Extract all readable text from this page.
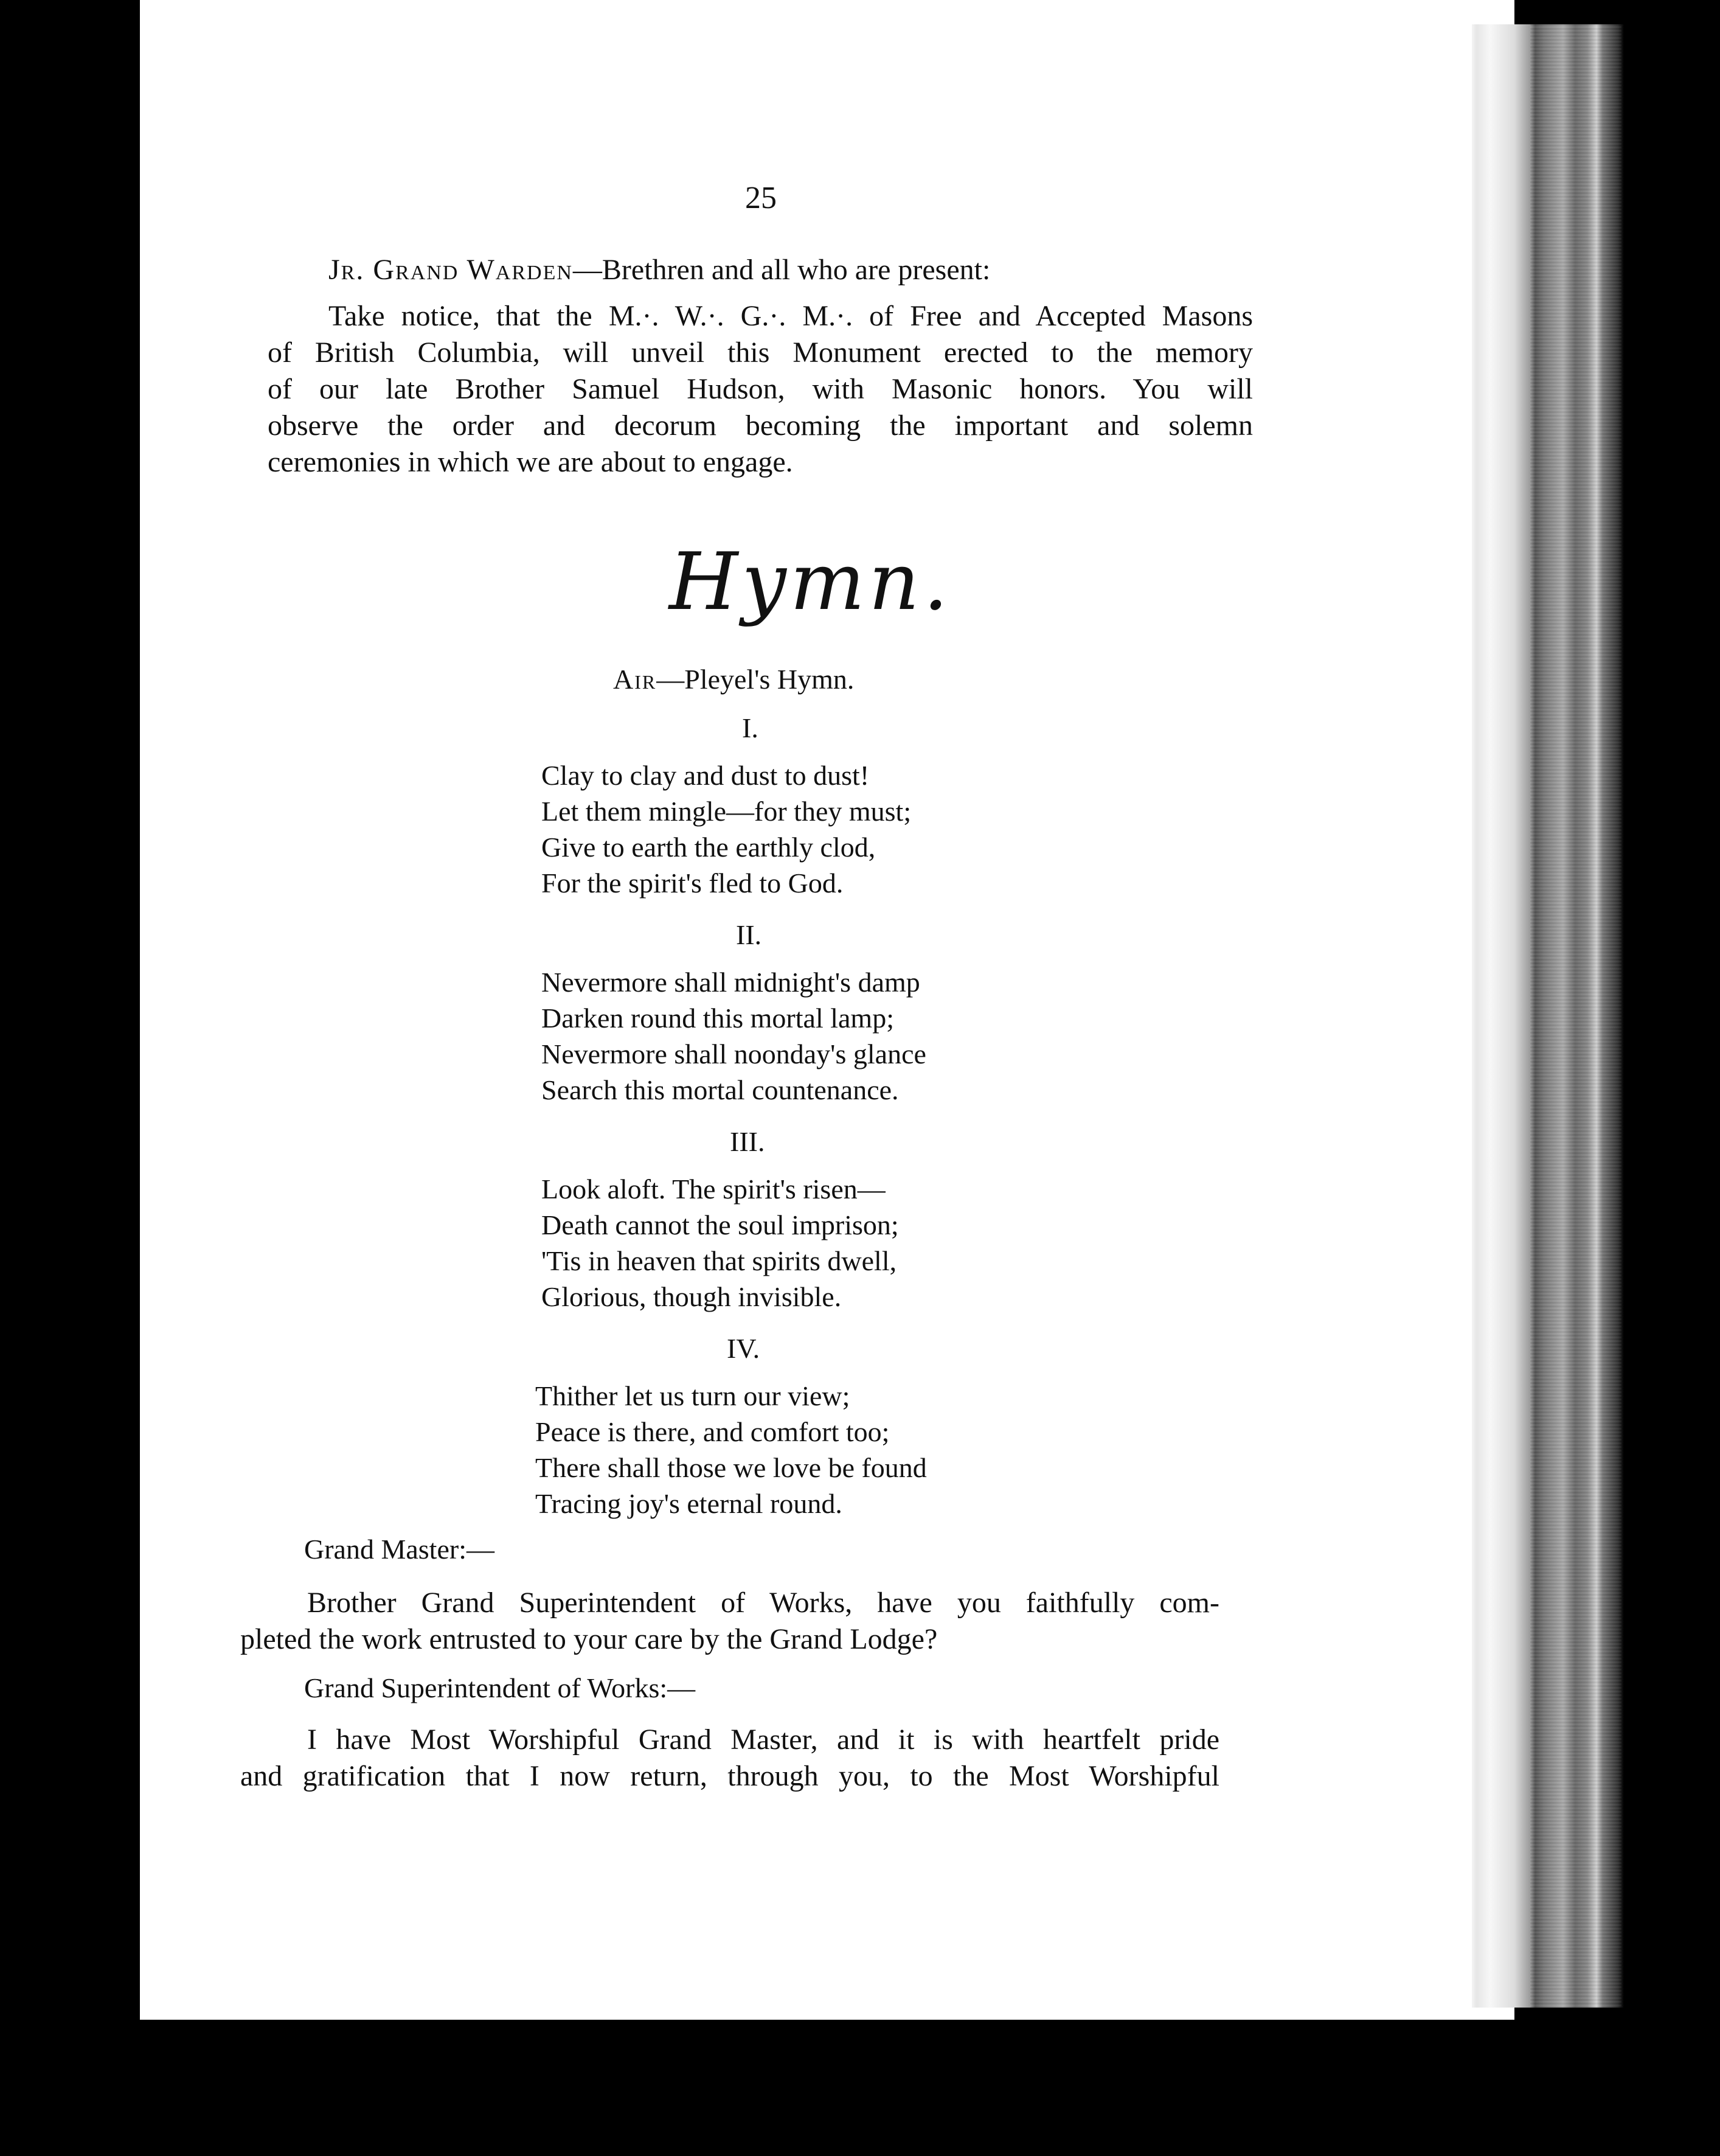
25
Jr. Grand Warden—Brethren and all who are present:
Take notice, that the M.·. W.·. G.·. M.·. of Free and Accepted Masons
of British Columbia, will unveil this Monument erected to the memory
of our late Brother Samuel Hudson, with Masonic honors. You will
observe the order and decorum becoming the important and solemn
ceremonies in which we are about to engage.
Hymn.
Air—Pleyel's Hymn.
I.
Clay to clay and dust to dust!
Let them mingle—for they must;
Give to earth the earthly clod,
For the spirit's fled to God.
II.
Nevermore shall midnight's damp
Darken round this mortal lamp;
Nevermore shall noonday's glance
Search this mortal countenance.
III.
Look aloft. The spirit's risen—
Death cannot the soul imprison;
'Tis in heaven that spirits dwell,
Glorious, though invisible.
IV.
Thither let us turn our view;
Peace is there, and comfort too;
There shall those we love be found
Tracing joy's eternal round.
Grand Master:—
Brother Grand Superintendent of Works, have you faithfully com-
pleted the work entrusted to your care by the Grand Lodge?
Grand Superintendent of Works:—
I have Most Worshipful Grand Master, and it is with heartfelt pride
and gratification that I now return, through you, to the Most Worshipful
